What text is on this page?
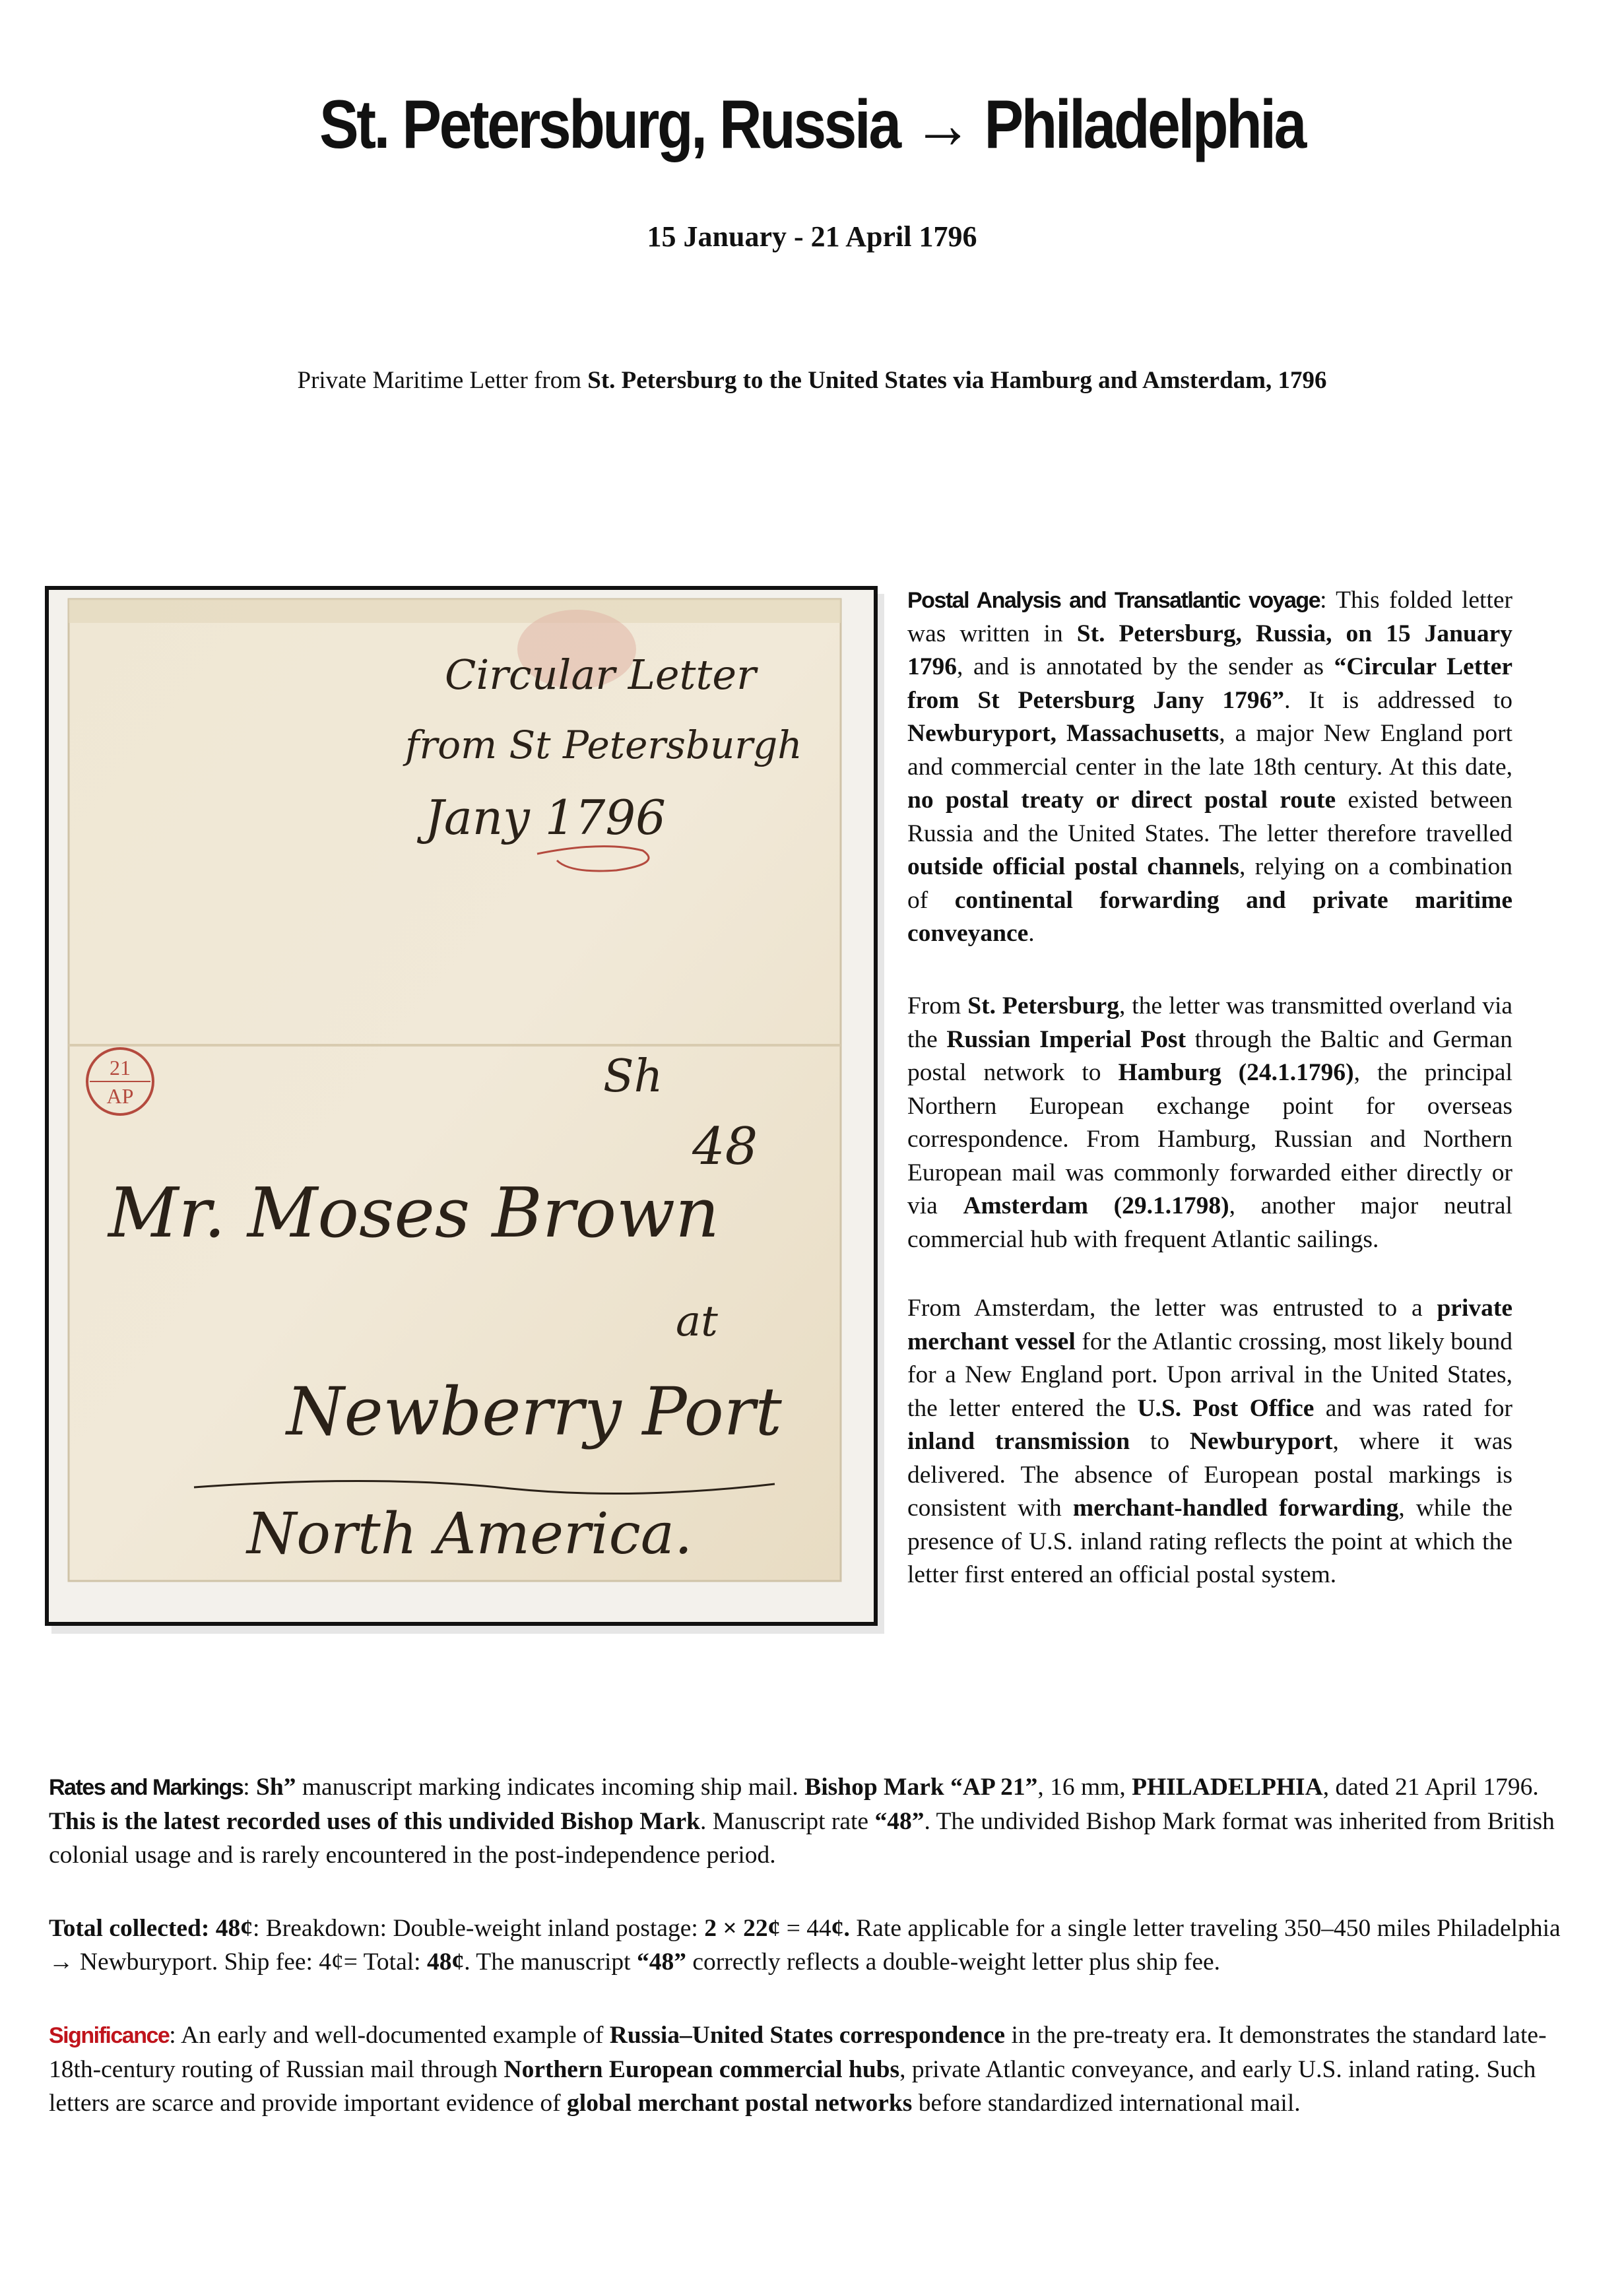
St. Petersburg, Russia → Philadelphia
15 January - 21 April 1796
Private Maritime Letter from St. Petersburg to the United States via Hamburg and Amsterdam, 1796
Circular Letter
from St Petersburgh
Jany 1796
21
AP	Sh
48
Mr. Moses Brown
at
Newberry Port
North America.
Postal Analysis and Transatlantic voyage: This folded letter was written in St. Petersburg, Russia, on 15 January 1796, and is annotated by the sender as “Circular Letter from St Petersburg Jany 1796”. It is addressed to Newburyport, Massachusetts, a major New England port and commercial center in the late 18th century. At this date, no postal treaty or direct postal route existed between Russia and the United States. The letter therefore travelled outside official postal channels, relying on a combination of continental forwarding and private maritime conveyance.
From St. Petersburg, the letter was transmitted overland via the Russian Imperial Post through the Baltic and German postal network to Hamburg (24.1.1796), the principal Northern European exchange point for overseas correspondence. From Hamburg, Russian and Northern European mail was commonly forwarded either directly or via Amsterdam (29.1.1798), another major neutral commercial hub with frequent Atlantic sailings.
From Amsterdam, the letter was entrusted to a private merchant vessel for the Atlantic crossing, most likely bound for a New England port. Upon arrival in the United States, the letter entered the U.S. Post Office and was rated for inland transmission to Newburyport, where it was delivered. The absence of European postal markings is consistent with merchant-handled forwarding, while the presence of U.S. inland rating reflects the point at which the letter first entered an official postal system.
Rates and Markings: Sh” manuscript marking indicates incoming ship mail. Bishop Mark “AP 21”, 16 mm, PHILADELPHIA, dated 21 April 1796. This is the latest recorded uses of this undivided Bishop Mark. Manuscript rate “48”. The undivided Bishop Mark format was inherited from British colonial usage and is rarely encountered in the post-independence period.
Total collected: 48¢: Breakdown: Double-weight inland postage: 2 × 22¢ = 44¢. Rate applicable for a single letter traveling 350–450 miles Philadelphia → Newburyport. Ship fee: 4¢= Total: 48¢. The manuscript “48” correctly reflects a double-weight letter plus ship fee.
Significance: An early and well-documented example of Russia–United States correspondence in the pre-treaty era. It demonstrates the standard late-18th-century routing of Russian mail through Northern European commercial hubs, private Atlantic conveyance, and early U.S. inland rating. Such letters are scarce and provide important evidence of global merchant postal networks before standardized international mail.
